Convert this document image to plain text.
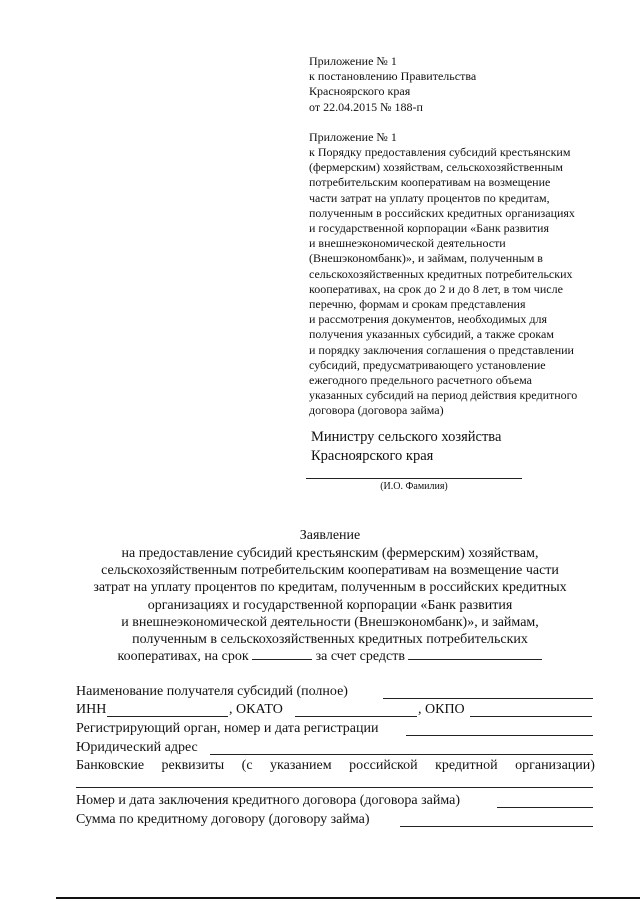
Приложение № 1
к постановлению Правительства
Красноярского края
от 22.04.2015 № 188-п
Приложение № 1
к Порядку предоставления субсидий крестьянским
(фермерским) хозяйствам, сельскохозяйственным
потребительским кооперативам на возмещение
части затрат на уплату процентов по кредитам,
полученным в российских кредитных организациях
и государственной корпорации «Банк развития
и внешнеэкономической деятельности
(Внешэкономбанк)», и займам, полученным в
сельскохозяйственных кредитных потребительских
кооперативах, на срок до 2 и до 8 лет, в том числе
перечню, формам и срокам представления
и рассмотрения документов, необходимых для
получения указанных субсидий, а также срокам
и порядку заключения соглашения о представлении
субсидий, предусматривающего установление
ежегодного предельного расчетного объема
указанных субсидий на период действия кредитного
договора (договора займа)
Министру сельского хозяйства
Красноярского края
(И.О. Фамилия)
Заявление
на предоставление субсидий крестьянским (фермерским) хозяйствам,
сельскохозяйственным потребительским кооперативам на возмещение части
затрат на уплату процентов по кредитам, полученным в российских кредитных
организациях и государственной корпорации «Банк развития
и внешнеэкономической деятельности (Внешэкономбанк)», и займам,
полученным в сельскохозяйственных кредитных потребительских
кооперативах, на срок	за счет средств
Наименование получателя субсидий (полное)
ИНН	, ОКАТО	, ОКПО
Регистрирующий орган, номер и дата регистрации
Юридический адрес
Банковские реквизиты (с указанием российской кредитной организации)
Номер и дата заключения кредитного договора (договора займа)
Сумма по кредитному договору (договору займа)
